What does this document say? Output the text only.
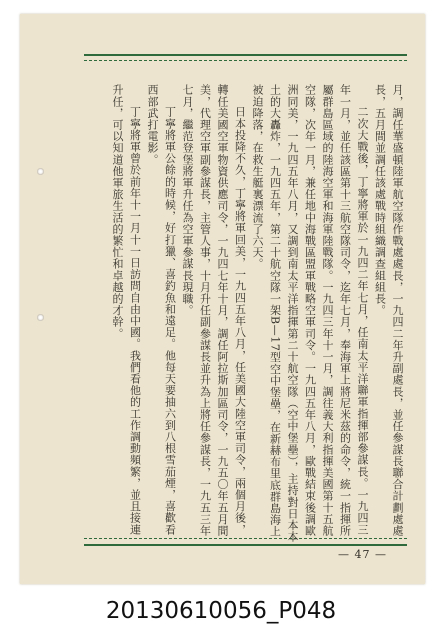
月，調任華盛頓陸軍航空隊作戰處處長，一九四二年升副處長，並任參謀長聯合計劃處處長，五月間並調任該處戰時組織調查組組長。

二次大戰後，丁寧將軍於一九四二年七月，任南太平洋聯軍指揮部參謀長。一九四三年一月，並任該區第十三航空隊司令，迄年七月，奉海軍上將尼米茲的命令，統一指揮所屬群島區域的陸海空軍和海軍陸戰隊。一九四三年十一月，調往義大利指揮美國第十五航空隊，次年一月，兼任地中海戰區盟軍戰略空軍司令。一九四五年八月，歐戰結束後調歐洲同美，一九四五年八月，又調到南太平洋指揮第二十航空隊（空中堡壘），主持對日本本土的大轟炸，一九四五年，第二十航空隊一架B—17型空中堡壘，在新赫布里底群島海上被迫降落，在救生艇裏漂流了六天。

日本投降不久，丁寧將軍回美，一九四五年八月，任美國大陸空軍司令，兩個月後，轉任美國空軍物資供應司令，一九四七年十月，調任阿拉斯加區司令，一九五〇年五月間美，代理空軍副參謀長，主管人事，十月升任副參謀長並升為上將任參謀長，一九五三年七月，繼范登堡將軍升任為空軍參謀長現職。

丁寧將軍公餘的時候，好打獵、喜釣魚和遠足。他每天要抽六到八根雪茄煙，喜歡看西部武打電影。

丁寧將軍曾於前年十一月十一日訪問自由中國。我們看他的工作調動頻繁，並且接連升任，可以知道他軍旅生活的繁忙和卓越的才幹。

— 47 —
20130610056_P048
